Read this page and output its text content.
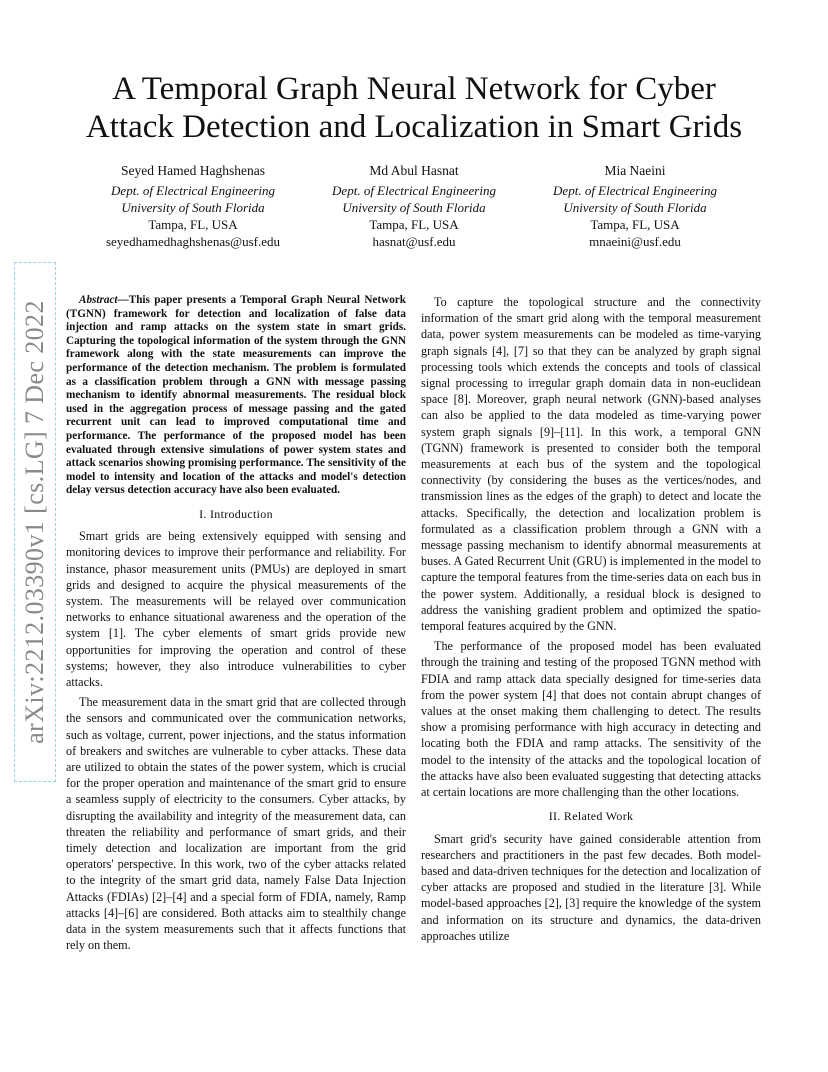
arXiv:2212.03390v1 [cs.LG] 7 Dec 2022
A Temporal Graph Neural Network for Cyber
Attack Detection and Localization in Smart Grids
Seyed Hamed Haghshenas
Dept. of Electrical Engineering
University of South Florida
Tampa, FL, USA
seyedhamedhaghshenas@usf.edu
Md Abul Hasnat
Dept. of Electrical Engineering
University of South Florida
Tampa, FL, USA
hasnat@usf.edu
Mia Naeini
Dept. of Electrical Engineering
University of South Florida
Tampa, FL, USA
mnaeini@usf.edu

Abstract—This paper presents a Temporal Graph Neural Network (TGNN) framework for detection and localization of false data injection and ramp attacks on the system state in smart grids. Capturing the topological information of the system through the GNN framework along with the state measurements can improve the performance of the detection mechanism. The problem is formulated as a classification problem through a GNN with message passing mechanism to identify abnormal measurements. The residual block used in the aggregation process of message passing and the gated recurrent unit can lead to improved computational time and performance. The performance of the proposed model has been evaluated through extensive simulations of power system states and attack scenarios showing promising performance. The sensitivity of the model to intensity and location of the attacks and model's detection delay versus detection accuracy have also been evaluated.

I. Introduction

Smart grids are being extensively equipped with sensing and monitoring devices to improve their performance and reliability. For instance, phasor measurement units (PMUs) are deployed in smart grids and designed to acquire the physical measurements of the system. The measurements will be relayed over communication networks to enhance situational awareness and the operation of the system [1]. The cyber elements of smart grids provide new opportunities for improving the operation and control of these systems; however, they also introduce vulnerabilities to cyber attacks.

The measurement data in the smart grid that are collected through the sensors and communicated over the communication networks, such as voltage, current, power injections, and the status information of breakers and switches are vulnerable to cyber attacks. These data are utilized to obtain the states of the power system, which is crucial for the proper operation and maintenance of the smart grid to ensure a seamless supply of electricity to the consumers. Cyber attacks, by disrupting the availability and integrity of the measurement data, can threaten the reliability and performance of smart grids, and their timely detection and localization are important from the grid operators' perspective. In this work, two of the cyber attacks related to the integrity of the smart grid data, namely False Data Injection Attacks (FDIAs) [2]–[4] and a special form of FDIA, namely, Ramp attacks [4]–[6] are considered. Both attacks aim to stealthily change data in the system measurements such that it affects functions that rely on them.

To capture the topological structure and the connectivity information of the smart grid along with the temporal measurement data, power system measurements can be modeled as time-varying graph signals [4], [7] so that they can be analyzed by graph signal processing tools which extends the concepts and tools of classical signal processing to irregular graph domain data in non-euclidean space [8]. Moreover, graph neural network (GNN)-based analyses can also be applied to the data modeled as time-varying power system graph signals [9]–[11]. In this work, a temporal GNN (TGNN) framework is presented to consider both the temporal measurements at each bus of the system and the topological connectivity (by considering the buses as the vertices/nodes, and transmission lines as the edges of the graph) to detect and locate the attacks. Specifically, the detection and localization problem is formulated as a classification problem through a GNN with a message passing mechanism to identify abnormal measurements at buses. A Gated Recurrent Unit (GRU) is implemented in the model to capture the temporal features from the time-series data on each bus in the power system. Additionally, a residual block is designed to address the vanishing gradient problem and optimized the spatio-temporal features acquired by the GNN.

The performance of the proposed model has been evaluated through the training and testing of the proposed TGNN method with FDIA and ramp attack data specially designed for time-series data from the power system [4] that does not contain abrupt changes of values at the onset making them challenging to detect. The results show a promising performance with high accuracy in detecting and locating both the FDIA and ramp attacks. The sensitivity of the model to the intensity of the attacks and the topological location of the attacks have also been evaluated suggesting that detecting attacks at certain locations are more challenging than the other locations.

II. Related Work

Smart grid's security have gained considerable attention from researchers and practitioners in the past few decades. Both model-based and data-driven techniques for the detection and localization of cyber attacks are proposed and studied in the literature [3]. While model-based approaches [2], [3] require the knowledge of the system and information on its structure and dynamics, the data-driven approaches utilize
